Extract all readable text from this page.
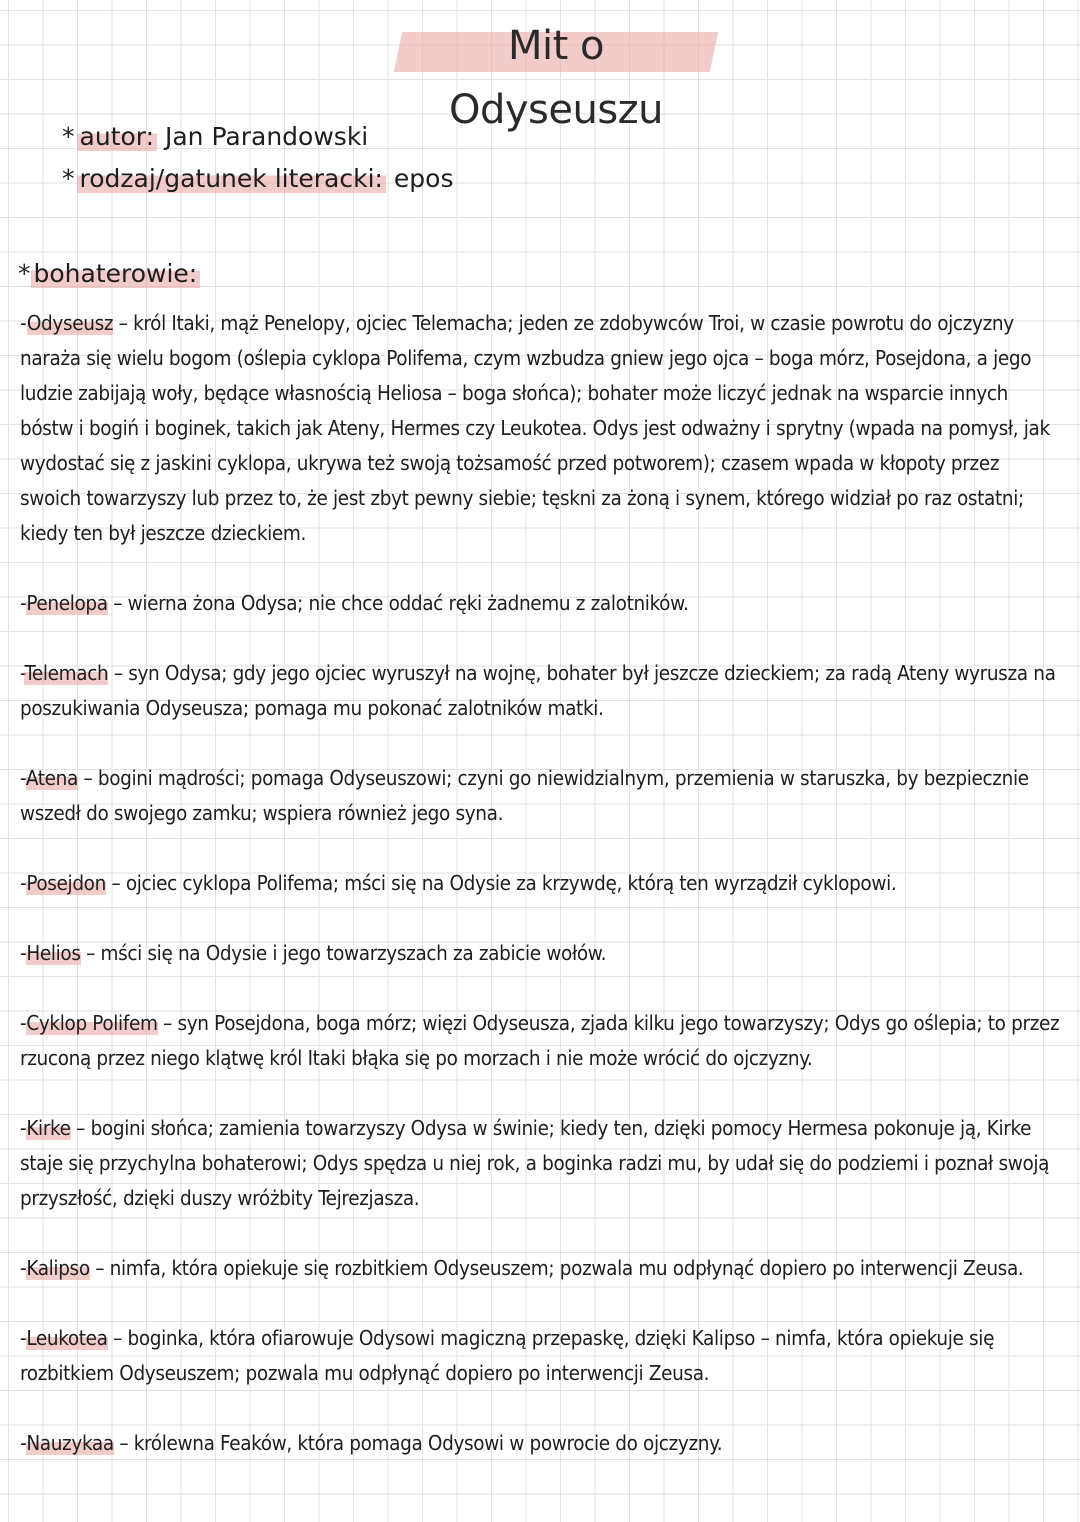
Mit o Odyseuszu
* autor: Jan Parandowski
* rodzaj/gatunek literacki: epos
* bohaterowie:

-Odyseusz – król Itaki, mąż Penelopy, ojciec Telemacha; jeden ze zdobywców Troi, w czasie powrotu do ojczyzny naraża się wielu bogom (oślepia cyklopa Polifema, czym wzbudza gniew jego ojca – boga mórz, Posejdona, a jego ludzie zabijają woły, będące własnością Heliosa – boga słońca); bohater może liczyć jednak na wsparcie innych bóstw i bogiń i boginek, takich jak Ateny, Hermes czy Leukotea. Odys jest odważny i sprytny (wpada na pomysł, jak wydostać się z jaskini cyklopa, ukrywa też swoją tożsamość przed potworem); czasem wpada w kłopoty przez swoich towarzyszy lub przez to, że jest zbyt pewny siebie; tęskni za żoną i synem, którego widział po raz ostatni; kiedy ten był jeszcze dzieckiem.

-Penelopa – wierna żona Odysa; nie chce oddać ręki żadnemu z zalotników.

-Telemach – syn Odysa; gdy jego ojciec wyruszył na wojnę, bohater był jeszcze dzieckiem; za radą Ateny wyrusza na poszukiwania Odyseusza; pomaga mu pokonać zalotników matki.

-Atena – bogini mądrości; pomaga Odyseuszowi; czyni go niewidzialnym, przemienia w staruszka, by bezpiecznie wszedł do swojego zamku; wspiera również jego syna.

-Posejdon – ojciec cyklopa Polifema; mści się na Odysie za krzywdę, którą ten wyrządził cyklopowi.

-Helios – mści się na Odysie i jego towarzyszach za zabicie wołów.

-Cyklop Polifem – syn Posejdona, boga mórz; więzi Odyseusza, zjada kilku jego towarzyszy; Odys go oślepia; to przez rzuconą przez niego klątwę król Itaki błąka się po morzach i nie może wrócić do ojczyzny.

-Kirke – bogini słońca; zamienia towarzyszy Odysa w świnie; kiedy ten, dzięki pomocy Hermesa pokonuje ją, Kirke staje się przychylna bohaterowi; Odys spędza u niej rok, a boginka radzi mu, by udał się do podziemi i poznał swoją przyszłość, dzięki duszy wróżbity Tejrezjasza.

-Kalipso – nimfa, która opiekuje się rozbitkiem Odyseuszem; pozwala mu odpłynąć dopiero po interwencji Zeusa.

-Leukotea – boginka, która ofiarowuje Odysowi magiczną przepaskę, dzięki Kalipso – nimfa, która opiekuje się rozbitkiem Odyseuszem; pozwala mu odpłynąć dopiero po interwencji Zeusa.

-Nauzykaa – królewna Feaków, która pomaga Odysowi w powrocie do ojczyzny.
